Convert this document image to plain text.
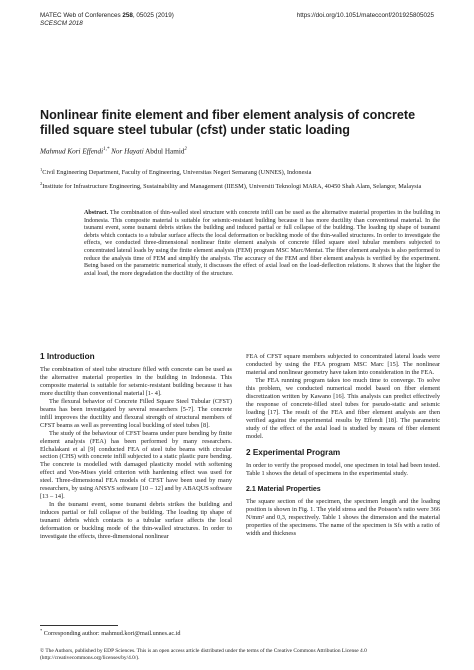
MATEC Web of Conferences 258, 05025 (2019)
SCESCM 2018
https://doi.org/10.1051/matecconf/201925805025
Nonlinear finite element and fiber element analysis of concrete filled square steel tubular (cfst) under static loading
Mahmud Kori Effendi$^{1,*}$ Nor Hayati Abdul Hamid$^2$
$^1$Civil Engineering Department, Faculty of Engineering, Universitas Negeri Semarang (UNNES), Indonesia
$^2$Institute for Infrastructure Engineering, Sustainability and Management (IIESM), Universiti Teknologi MARA, 40450 Shah Alam, Selangor, Malaysia
Abstract. The combination of thin-walled steel structure with concrete infill can be used as the alternative material properties in the building in Indonesia. This composite material is suitable for seismic-resistant building because it has more ductility than conventional material. In the tsunami event, some tsunami debris strikes the building and induced partial or full collapse of the building. The loading tip shape of tsunami debris which contacts to a tubular surface affects the local deformation or buckling mode of the thin-walled structures. In order to investigate the effects, we conducted three-dimensional nonlinear finite element analysis of concrete filled square steel tubular members subjected to concentrated lateral loads by using the finite element analysis (FEM) program MSC Marc/Mentat. The fiber element analysis is also performed to reduce the analysis time of FEM and simplify the analysis. The accuracy of the FEM and fiber element analysis is verified by the experiment. Being based on the parametric numerical study, it discusses the effect of axial load on the load-deflection relations. It shows that the higher the axial load, the more degradation the ductility of the structure.
1 Introduction

The combination of steel tube structure filled with concrete can be used as the alternative material properties in the building in Indonesia. This composite material is suitable for seismic-resistant building because it has more ductility than conventional material [1- 4].

The flexural behavior of Concrete Filled Square Steel Tubular (CFST) beams has been investigated by several researchers [5-7]. The concrete infill improves the ductility and flexural strength of structural members of CFST beams as well as preventing local buckling of steel tubes [8].

The study of the behaviour of CFST beams under pure bending by finite element analysis (FEA) has been performed by many researchers. Elchalakani et al [9] conducted FEA of steel tube beams with circular section (CHS) with concrete infill subjected to a static plastic pure bending. The concrete is modelled with damaged plasticity model with softening effect and Von-Mises yield criterion with hardening effect was used for steel. Three-dimensional FEA models of CFST have been used by many researchers, by using ANSYS software [10 – 12] and by ABAQUS software [13 – 14].

In the tsunami event, some tsunami debris strikes the building and induces partial or full collapse of the building. The loading tip shape of tsunami debris which contacts to a tubular surface affects the local deformation or buckling mode of the thin-walled structures. In order to investigate the effects, three-dimensional nonlinear

FEA of CFST square members subjected to concentrated lateral loads were conducted by using the FEA program MSC Marc [15]. The nonlinear material and nonlinear geometry have taken into consideration in the FEA.

The FEA running program takes too much time to converge. To solve this problem, we conducted numerical model based on fiber element discretization written by Kawano [16]. This analysis can predict effectively the response of concrete-filled steel tubes for pseudo-static and seismic loading [17]. The result of the FEA and fiber element analysis are then verified against the experimental results by Effendi [18]. The parametric study of the effect of the axial load is studied by means of fiber element model.

2 Experimental Program

In order to verify the proposed model, one specimen in total had been tested. Table 1 shows the detail of specimens in the experimental study.

2.1 Material Properties

The square section of the specimen, the specimen length and the loading position is shown in Fig. 1. The yield stress and the Poisson’s ratio were 366 N/mm² and 0,3, respectively. Table 1 shows the dimension and the material properties of the specimens. The name of the specimen is Sfs with a ratio of width and thickness

* Corresponding author: mahmud.kori@mail.unnes.ac.id
© The Authors, published by EDP Sciences. This is an open access article distributed under the terms of the Creative Commons Attribution License 4.0 (http://creativecommons.org/licenses/by/4.0/).
